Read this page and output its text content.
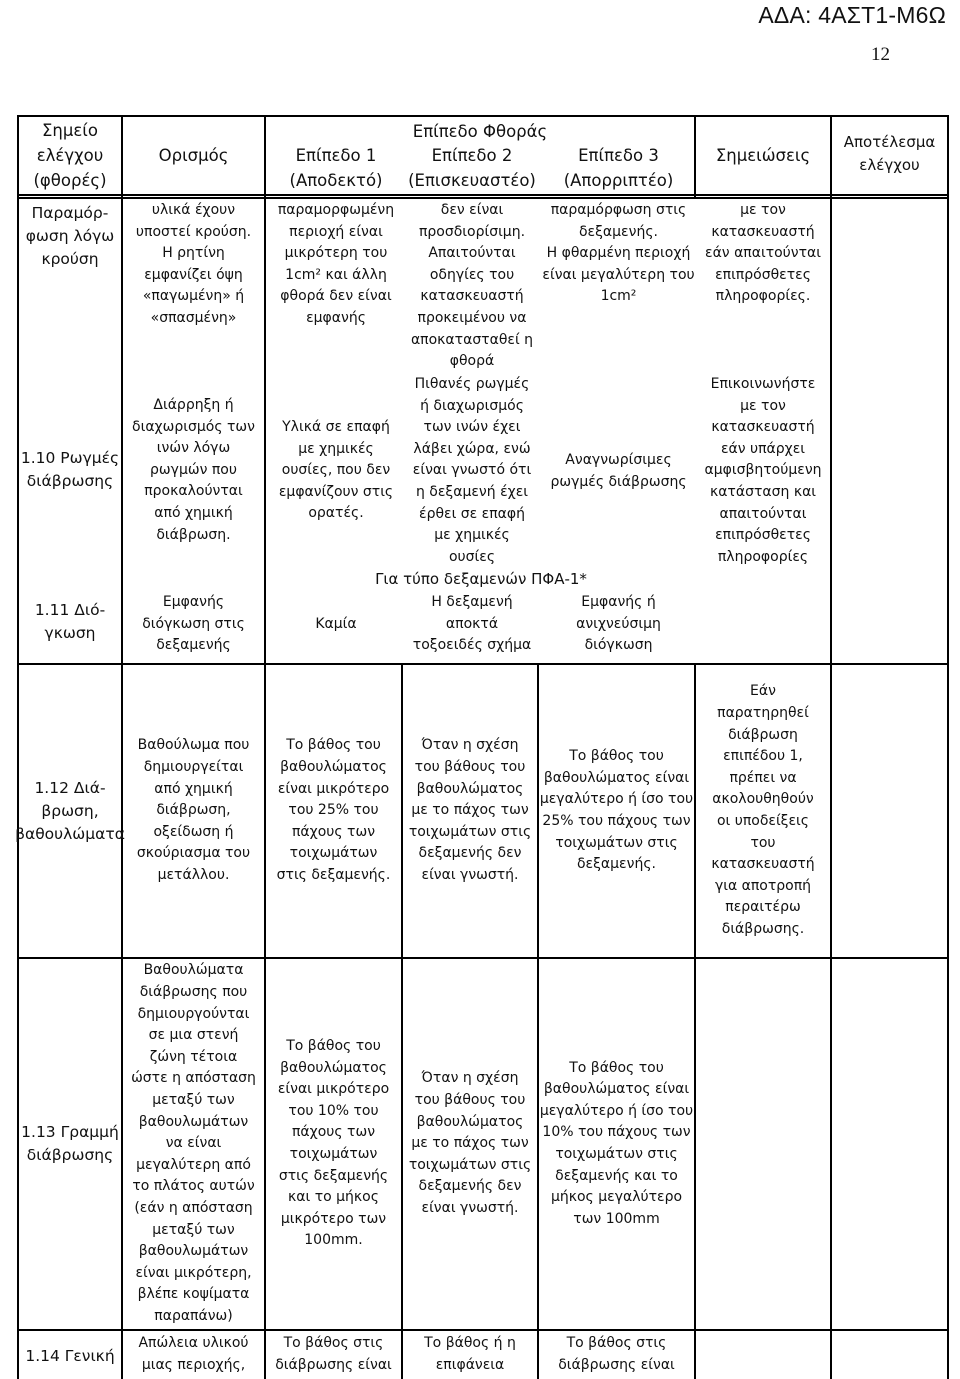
ΑΔΑ: 4ΑΣΤ1-Μ6Ω
12
Σημείο
ελέγχου
(φθορές)
Ορισμός
Επίπεδο Φθοράς
Επίπεδο 1
(Αποδεκτό)
Επίπεδο 2
(Επισκευαστέο)
Επίπεδο 3
(Απορριπτέο)
Σημειώσεις
Αποτέλεσμα
ελέγχου
Παραμόρ-
φωση λόγω
κρούση
υλικά έχουν
υποστεί κρούση.
Η ρητίνη
εμφανίζει όψη
«παγωμένη» ή
«σπασμένη»
παραμορφωμένη
περιοχή είναι
μικρότερη του
1cm² και άλλη
φθορά δεν είναι
εμφανής
δεν είναι
προσδιορίσιμη.
Απαιτούνται
οδηγίες του
κατασκευαστή
προκειμένου να
αποκατασταθεί η
φθορά
παραμόρφωση στις
δεξαμενής.
Η φθαρμένη περιοχή
είναι μεγαλύτερη του
1cm²
με τον
κατασκευαστή
εάν απαιτούνται
επιπρόσθετες
πληροφορίες.
1.10 Ρωγμές
διάβρωσης
Διάρρηξη ή
διαχωρισμός των
ινών λόγω
ρωγμών που
προκαλούνται
από χημική
διάβρωση.
Υλικά σε επαφή
με χημικές
ουσίες, που δεν
εμφανίζουν στις
ορατές.
Πιθανές ρωγμές
ή διαχωρισμός
των ινών έχει
λάβει χώρα, ενώ
είναι γνωστό ότι
η δεξαμενή έχει
έρθει σε επαφή
με χημικές
ουσίες
Αναγνωρίσιμες
ρωγμές διάβρωσης
Επικοινωνήστε
με τον
κατασκευαστή
εάν υπάρχει
αμφισβητούμενη
κατάσταση και
απαιτούνται
επιπρόσθετες
πληροφορίες
Για τύπο δεξαμενών ΠΦΑ-1*
1.11 Διό-
γκωση
Εμφανής
διόγκωση στις
δεξαμενής
Καμία
Η δεξαμενή
αποκτά
τοξοειδές σχήμα
Εμφανής ή
ανιχνεύσιμη
διόγκωση
1.12 Διά-
βρωση,
βαθουλώματα
Βαθούλωμα που
δημιουργείται
από χημική
διάβρωση,
οξείδωση ή
σκούριασμα του
μετάλλου.
Το βάθος του
βαθουλώματος
είναι μικρότερο
του 25% του
πάχους των
τοιχωμάτων
στις δεξαμενής.
Όταν η σχέση
του βάθους του
βαθουλώματος
με το πάχος των
τοιχωμάτων στις
δεξαμενής δεν
είναι γνωστή.
Το βάθος του
βαθουλώματος είναι
μεγαλύτερο ή ίσο του
25% του πάχους των
τοιχωμάτων στις
δεξαμενής.
Εάν
παρατηρηθεί
διάβρωση
επιπέδου 1,
πρέπει να
ακολουθηθούν
οι υποδείξεις
του
κατασκευαστή
για αποτροπή
περαιτέρω
διάβρωσης.
1.13 Γραμμή
διάβρωσης
Βαθουλώματα
διάβρωσης που
δημιουργούνται
σε μια στενή
ζώνη τέτοια
ώστε η απόσταση
μεταξύ των
βαθουλωμάτων
να είναι
μεγαλύτερη από
το πλάτος αυτών
(εάν η απόσταση
μεταξύ των
βαθουλωμάτων
είναι μικρότερη,
βλέπε κοψίματα
παραπάνω)
Το βάθος του
βαθουλώματος
είναι μικρότερο
του 10% του
πάχους των
τοιχωμάτων
στις δεξαμενής
και το μήκος
μικρότερο των
100mm.
Όταν η σχέση
του βάθους του
βαθουλώματος
με το πάχος των
τοιχωμάτων στις
δεξαμενής δεν
είναι γνωστή.
Το βάθος του
βαθουλώματος είναι
μεγαλύτερο ή ίσο του
10% του πάχους των
τοιχωμάτων στις
δεξαμενής και το
μήκος μεγαλύτερο
των 100mm
1.14 Γενική
Απώλεια υλικού
μιας περιοχής,
Το βάθος στις
διάβρωσης είναι
Το βάθος ή η
επιφάνεια
Το βάθος στις
διάβρωσης είναι
